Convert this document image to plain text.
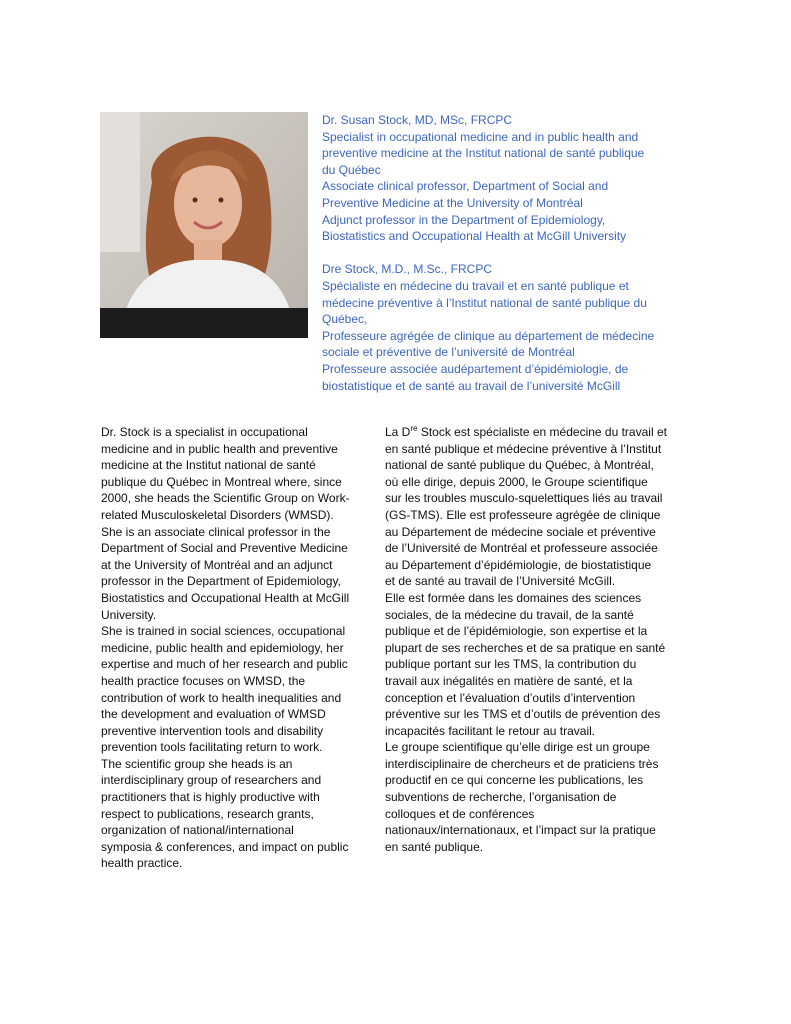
Dr. Susan Stock, MD, MSc, FRCPC
Specialist in occupational medicine and in public health and
preventive medicine at the Institut national de santé publique
du Québec
Associate clinical professor, Department of Social and
Preventive Medicine at the University of Montréal
Adjunct professor in the Department of Epidemiology,
Biostatistics and Occupational Health at McGill University
Dre Stock, M.D., M.Sc., FRCPC
Spécialiste en médecine du travail et en santé publique et
médecine préventive à l’Institut national de santé publique du
Québec,
Professeure agrégée de clinique au département de médecine
sociale et préventive de l’université de Montréal
Professeure associée audépartement d’épidémiologie, de
biostatistique et de santé au travail de l’université McGill
Dr. Stock is a specialist in occupational
medicine and in public health and preventive
medicine at the Institut national de santé
publique du Québec in Montreal where, since
2000, she heads the Scientific Group on Work-
related Musculoskeletal Disorders (WMSD).
She is an associate clinical professor in the
Department of Social and Preventive Medicine
at the University of Montréal and an adjunct
professor in the Department of Epidemiology,
Biostatistics and Occupational Health at McGill
University.
She is trained in social sciences, occupational
medicine, public health and epidemiology, her
expertise and much of her research and public
health practice focuses on WMSD, the
contribution of work to health inequalities and
the development and evaluation of WMSD
preventive intervention tools and disability
prevention tools facilitating return to work.
The scientific group she heads is an
interdisciplinary group of researchers and
practitioners that is highly productive with
respect to publications, research grants,
organization of national/international
symposia & conferences, and impact on public
health practice.
La Dre Stock est spécialiste en médecine du travail et
en santé publique et médecine préventive à l’Institut
national de santé publique du Québec, à Montréal,
où elle dirige, depuis 2000, le Groupe scientifique
sur les troubles musculo-squelettiques liés au travail
(GS-TMS). Elle est professeure agrégée de clinique
au Département de médecine sociale et préventive
de l’Université de Montréal et professeure associée
au Département d’épidémiologie, de biostatistique
et de santé au travail de l’Université McGill.
Elle est formée dans les domaines des sciences
sociales, de la médecine du travail, de la santé
publique et de l’épidémiologie, son expertise et la
plupart de ses recherches et de sa pratique en santé
publique portant sur les TMS, la contribution du
travail aux inégalités en matière de santé, et la
conception et l’évaluation d’outils d’intervention
préventive sur les TMS et d’outils de prévention des
incapacités facilitant le retour au travail.
Le groupe scientifique qu’elle dirige est un groupe
interdisciplinaire de chercheurs et de praticiens très
productif en ce qui concerne les publications, les
subventions de recherche, l’organisation de
colloques et de conférences
nationaux/internationaux, et l’impact sur la pratique
en santé publique.
